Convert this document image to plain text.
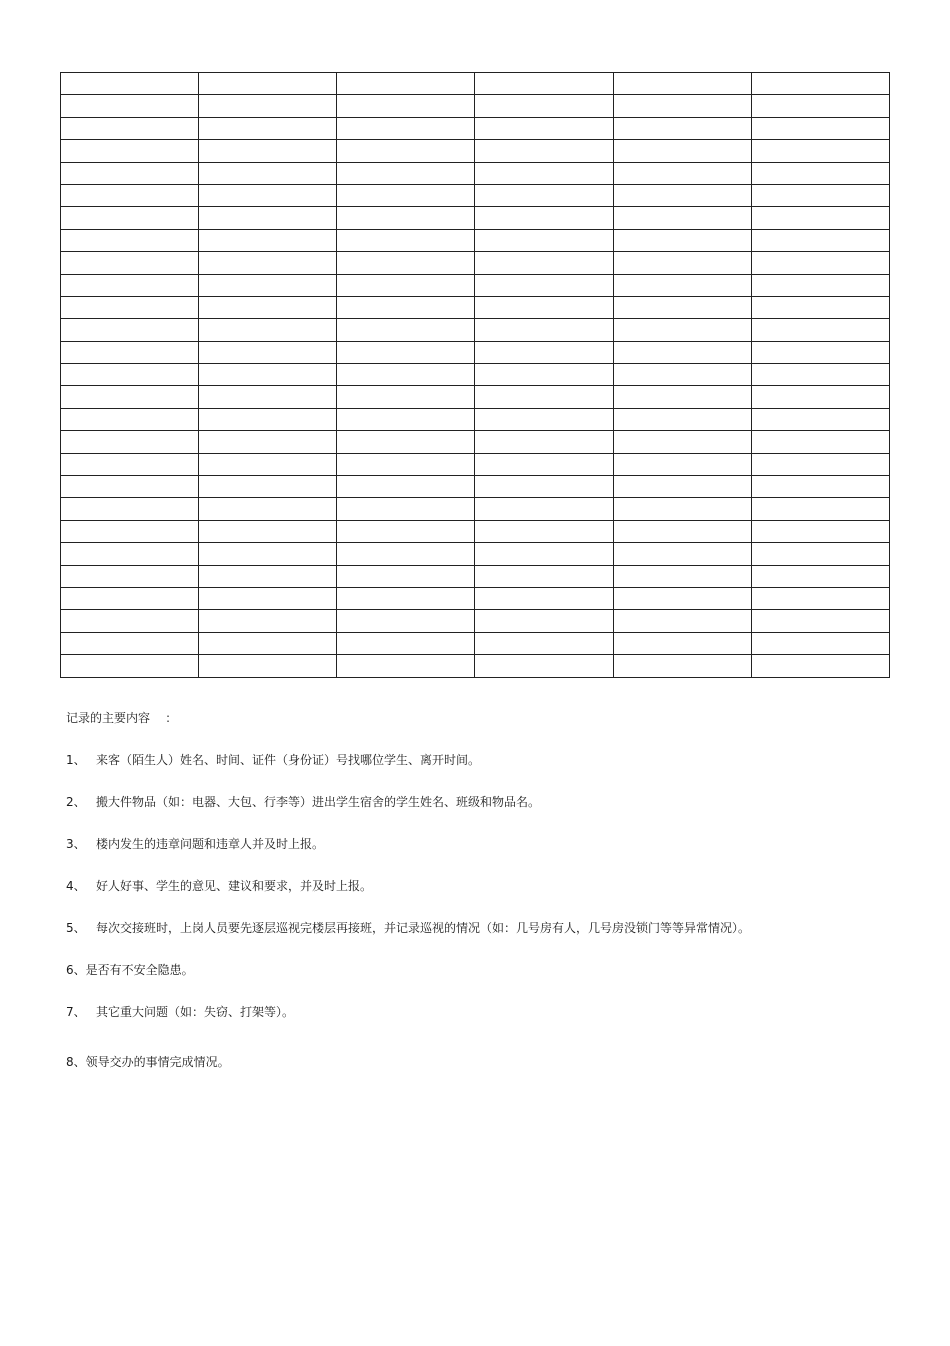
记录的主要内容    ：
1、 来客（陌生人）姓名、时间、证件（身份证）号找哪位学生、离开时间。
2、 搬大件物品（如：电器、大包、行李等）进出学生宿舍的学生姓名、班级和物品名。
3、 楼内发生的违章问题和违章人并及时上报。
4、 好人好事、学生的意见、建议和要求，并及时上报。
5、 每次交接班时，上岗人员要先逐层巡视完楼层再接班，并记录巡视的情况（如：几号房有人，几号房没锁门等等异常情况）。
6、是否有不安全隐患。
7、 其它重大问题（如：失窃、打架等）。
8、领导交办的事情完成情况。
